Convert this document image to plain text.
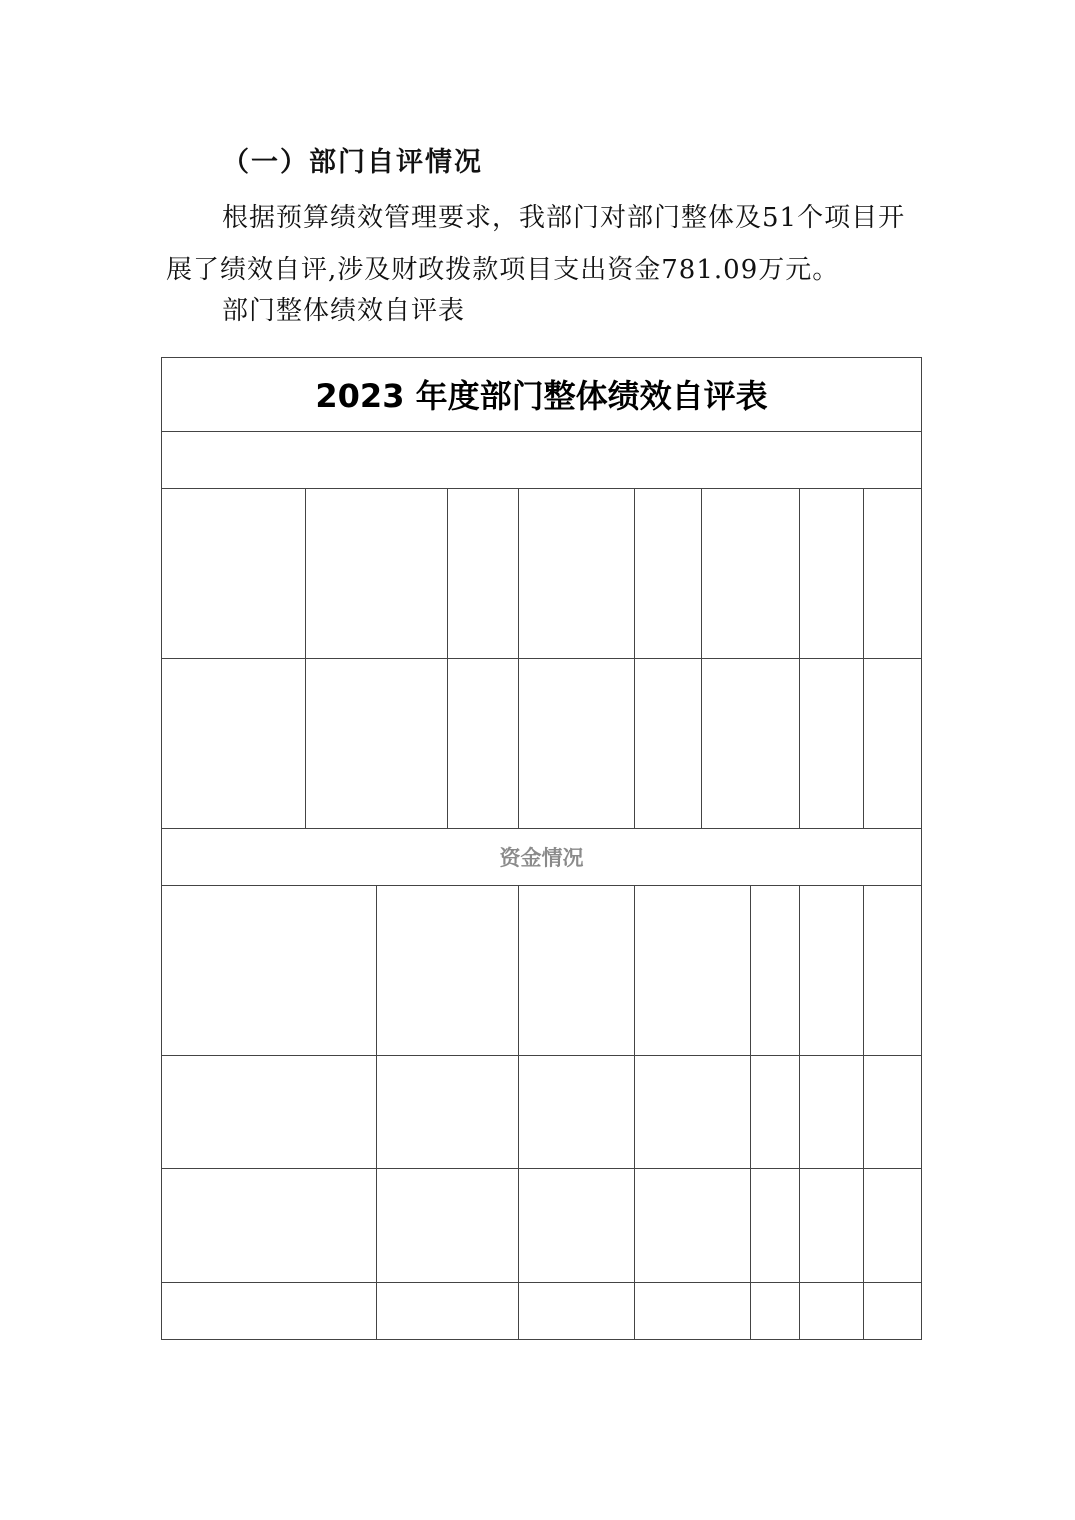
（一）部门自评情况

根据预算绩效管理要求，我部门对部门整体及51个项目开展了绩效自评,涉及财政拨款项目支出资金781.09万元。

部门整体绩效自评表
2023 年度部门整体绩效自评表
资金情况
